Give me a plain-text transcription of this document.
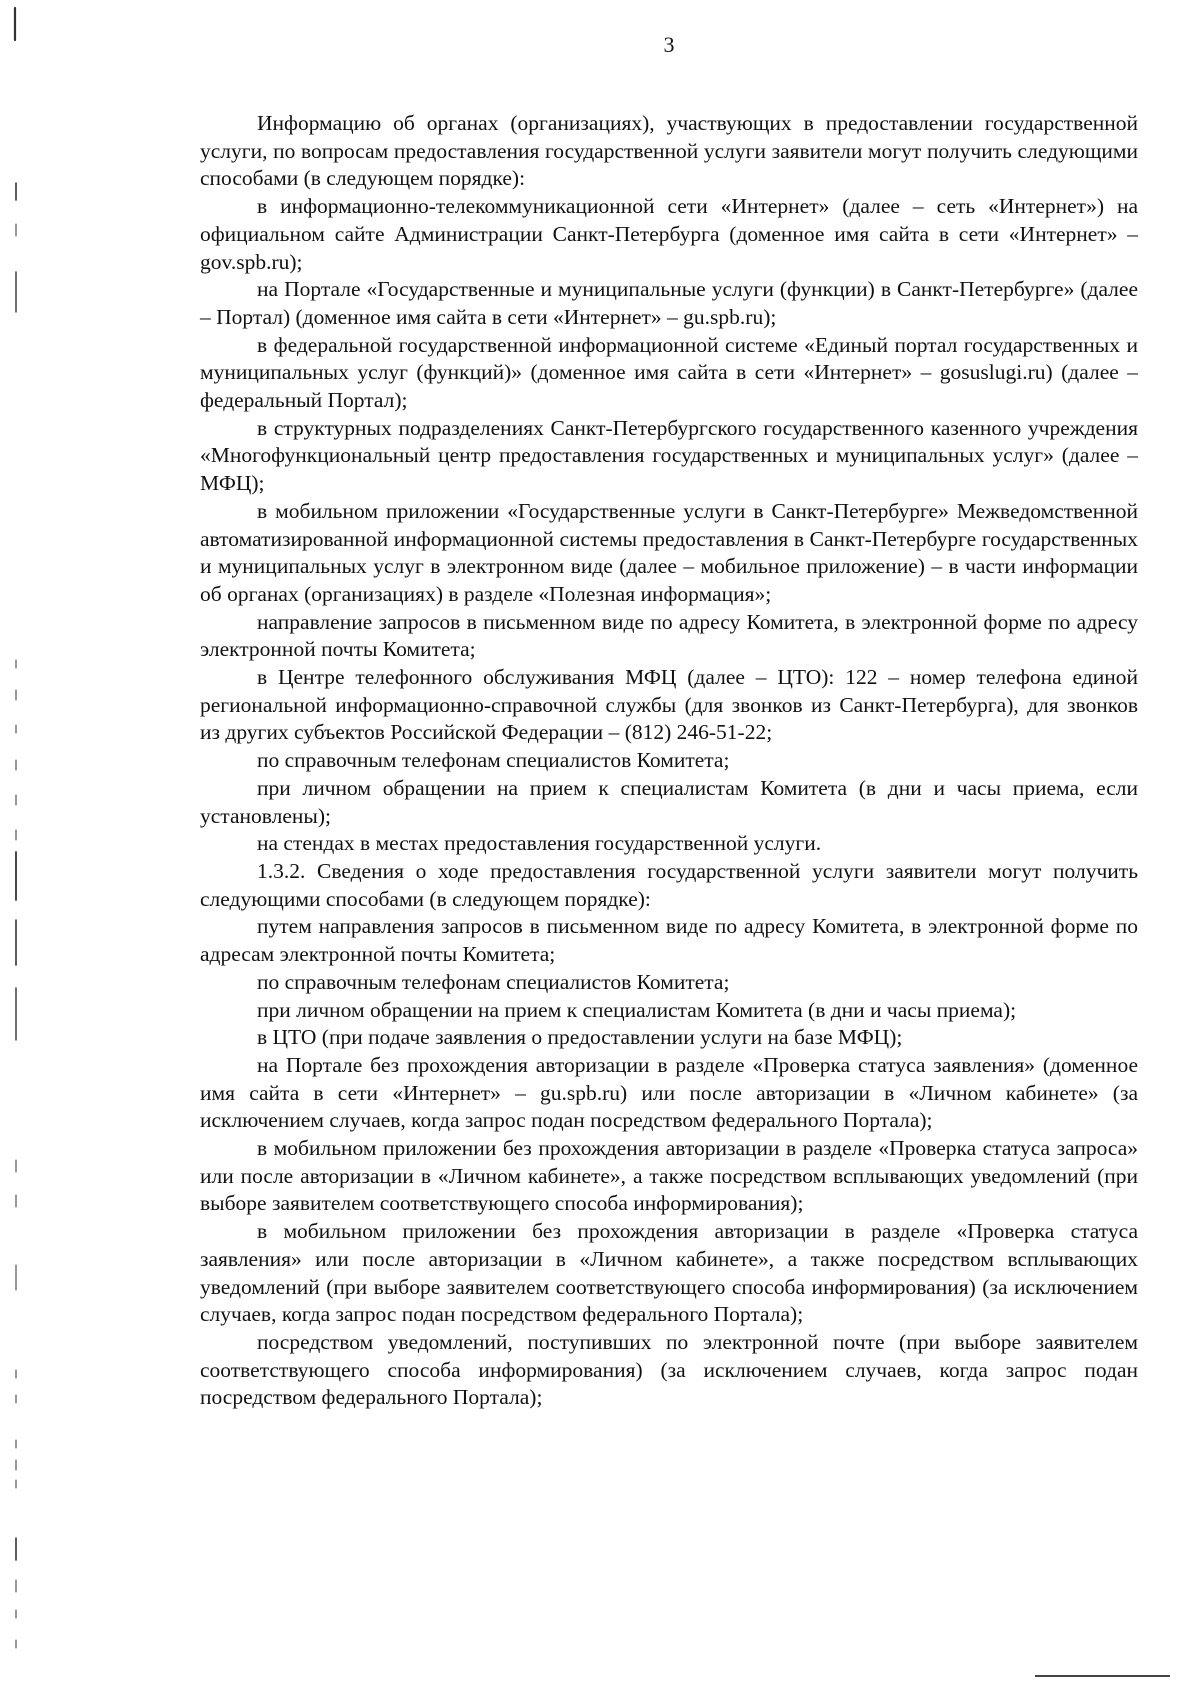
3

Информацию об органах (организациях), участвующих в предоставлении государственной услуги, по вопросам предоставления государственной услуги заявители могут получить следующими способами (в следующем порядке):

в информационно-телекоммуникационной сети «Интернет» (далее – сеть «Интернет») на официальном сайте Администрации Санкт-Петербурга (доменное имя сайта в сети «Интернет» – gov.spb.ru);

на Портале «Государственные и муниципальные услуги (функции) в Санкт-Петербурге» (далее – Портал) (доменное имя сайта в сети «Интернет» – gu.spb.ru);

в федеральной государственной информационной системе «Единый портал государственных и муниципальных услуг (функций)» (доменное имя сайта в сети «Интернет» – gosuslugi.ru) (далее – федеральный Портал);

в структурных подразделениях Санкт-Петербургского государственного казенного учреждения «Многофункциональный центр предоставления государственных и муниципальных услуг» (далее – МФЦ);

в мобильном приложении «Государственные услуги в Санкт-Петербурге» Межведомственной автоматизированной информационной системы предоставления в Санкт-Петербурге государственных и муниципальных услуг в электронном виде (далее – мобильное приложение) – в части информации об органах (организациях) в разделе «Полезная информация»;

направление запросов в письменном виде по адресу Комитета, в электронной форме по адресу электронной почты Комитета;

в Центре телефонного обслуживания МФЦ (далее – ЦТО): 122 – номер телефона единой региональной информационно-справочной службы (для звонков из Санкт-Петербурга), для звонков из других субъектов Российской Федерации – (812) 246-51-22;

по справочным телефонам специалистов Комитета;

при личном обращении на прием к специалистам Комитета (в дни и часы приема, если установлены);

на стендах в местах предоставления государственной услуги.

1.3.2. Сведения о ходе предоставления государственной услуги заявители могут получить следующими способами (в следующем порядке):

путем направления запросов в письменном виде по адресу Комитета, в электронной форме по адресам электронной почты Комитета;

по справочным телефонам специалистов Комитета;

при личном обращении на прием к специалистам Комитета (в дни и часы приема);

в ЦТО (при подаче заявления о предоставлении услуги на базе МФЦ);

на Портале без прохождения авторизации в разделе «Проверка статуса заявления» (доменное имя сайта в сети «Интернет» – gu.spb.ru) или после авторизации в «Личном кабинете» (за исключением случаев, когда запрос подан посредством федерального Портала);

в мобильном приложении без прохождения авторизации в разделе «Проверка статуса запроса» или после авторизации в «Личном кабинете», а также посредством всплывающих уведомлений (при выборе заявителем соответствующего способа информирования);

в мобильном приложении без прохождения авторизации в разделе «Проверка статуса заявления» или после авторизации в «Личном кабинете», а также посредством всплывающих уведомлений (при выборе заявителем соответствующего способа информирования) (за исключением случаев, когда запрос подан посредством федерального Портала);

посредством уведомлений, поступивших по электронной почте (при выборе заявителем соответствующего способа информирования) (за исключением случаев, когда запрос подан посредством федерального Портала);
